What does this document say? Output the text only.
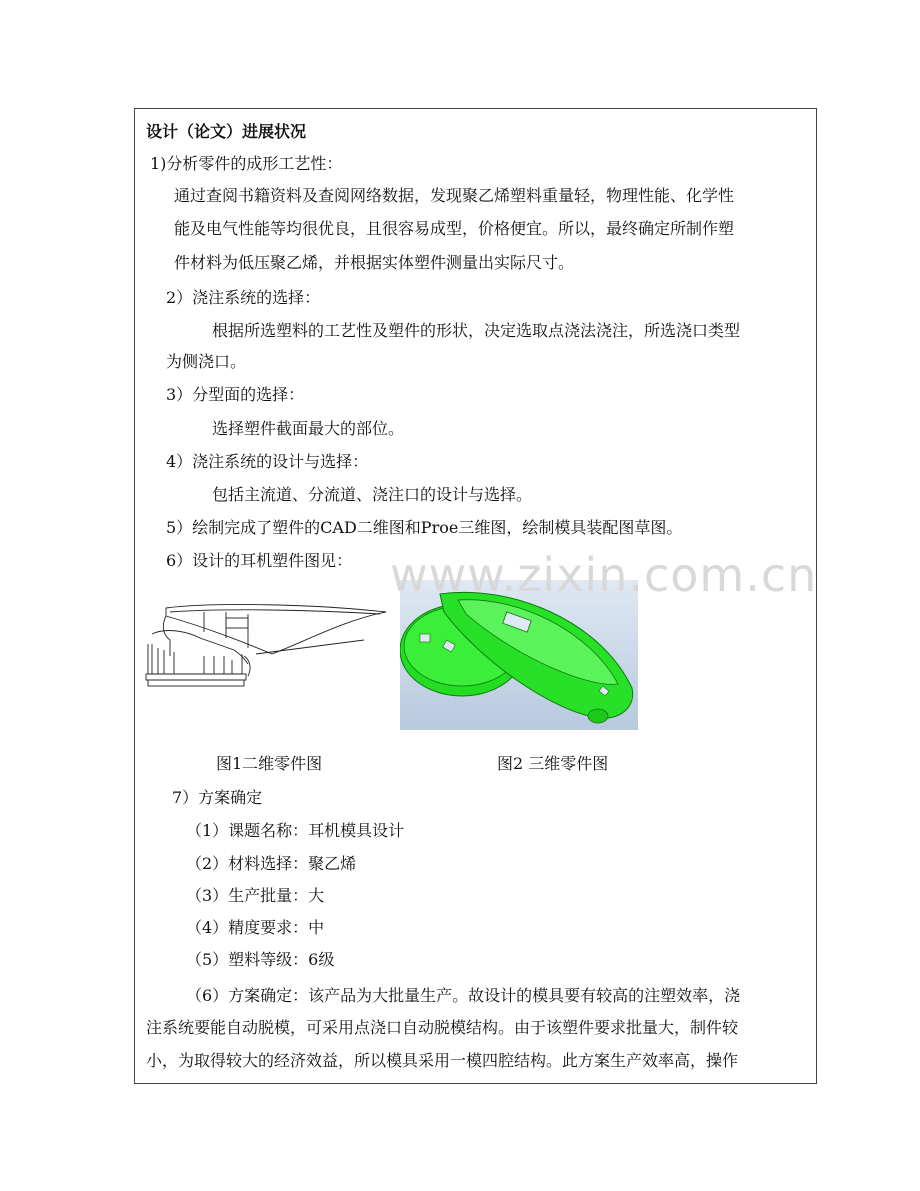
设计（论文）进展状况
1)分析零件的成形工艺性：
通过查阅书籍资料及查阅网络数据，发现聚乙烯塑料重量轻，物理性能、化学性
能及电气性能等均很优良，且很容易成型，价格便宜。所以，最终确定所制作塑
件材料为低压聚乙烯，并根据实体塑件测量出实际尺寸。
2）浇注系统的选择：
根据所选塑料的工艺性及塑件的形状，决定选取点浇法浇注，所选浇口类型
为侧浇口。
3）分型面的选择：
选择塑件截面最大的部位。
4）浇注系统的设计与选择：
包括主流道、分流道、浇注口的设计与选择。
5）绘制完成了塑件的CAD二维图和Proe三维图，绘制模具装配图草图。
6）设计的耳机塑件图见： www.zixin.com.cn
图1二维零件图	图2 三维零件图
7）方案确定
（1）课题名称：耳机模具设计
（2）材料选择：聚乙烯
（3）生产批量：大
（4）精度要求：中
（5）塑料等级：6级
（6）方案确定：该产品为大批量生产。故设计的模具要有较高的注塑效率，浇
注系统要能自动脱模，可采用点浇口自动脱模结构。由于该塑件要求批量大，制件较
小，为取得较大的经济效益，所以模具采用一模四腔结构。此方案生产效率高，操作
